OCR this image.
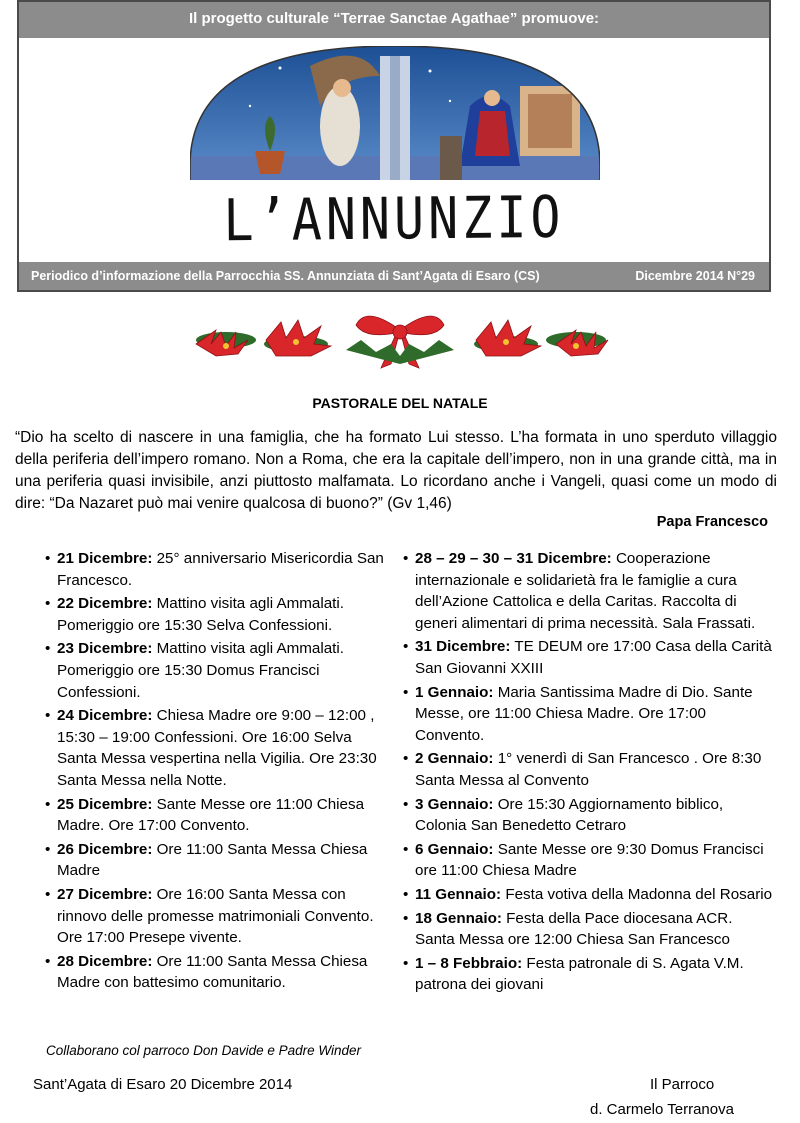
Il progetto culturale “Terrae Sanctae Agathae” promuove:
L’ANNUNZIO
Periodico d’informazione della Parrocchia SS. Annunziata di Sant’Agata di Esaro (CS)	Dicembre 2014 N°29
PASTORALE DEL NATALE
“Dio ha scelto di nascere in una famiglia, che ha formato Lui stesso. L’ha formata in uno sperduto villaggio della periferia dell’impero romano. Non a Roma, che era la capitale dell’impero, non in una grande città, ma in una periferia quasi invisibile, anzi piuttosto malfamata. Lo ricordano anche i Vangeli, quasi come un modo di dire: “Da Nazaret può mai venire qualcosa di buono?” (Gv 1,46)
Papa Francesco
• 21 Dicembre: 25° anniversario Misericordia San Francesco.
• 22 Dicembre: Mattino visita agli Ammalati. Pomeriggio ore 15:30 Selva Confessioni.
• 23 Dicembre: Mattino visita agli Ammalati. Pomeriggio ore 15:30 Domus Francisci Confessioni.
• 24 Dicembre: Chiesa Madre ore 9:00 – 12:00 , 15:30 – 19:00 Confessioni. Ore 16:00 Selva Santa Messa vespertina nella Vigilia. Ore 23:30 Santa Messa nella Notte.
• 25 Dicembre: Sante Messe ore 11:00 Chiesa Madre. Ore 17:00 Convento.
• 26 Dicembre: Ore 11:00 Santa Messa Chiesa Madre
• 27 Dicembre: Ore 16:00 Santa Messa con rinnovo delle promesse matrimoniali Convento. Ore 17:00 Presepe vivente.
• 28 Dicembre: Ore 11:00 Santa Messa Chiesa Madre con battesimo comunitario.
• 28 – 29 – 30 – 31 Dicembre: Cooperazione internazionale e solidarietà fra le famiglie a cura dell’Azione Cattolica e della Caritas. Raccolta di generi alimentari di prima necessità. Sala Frassati.
• 31 Dicembre: TE DEUM ore 17:00 Casa della Carità San Giovanni XXIII
• 1 Gennaio: Maria Santissima Madre di Dio. Sante Messe, ore 11:00 Chiesa Madre. Ore 17:00 Convento.
• 2 Gennaio: 1° venerdì di San Francesco . Ore 8:30 Santa Messa al Convento
• 3 Gennaio: Ore 15:30 Aggiornamento biblico, Colonia San Benedetto Cetraro
• 6 Gennaio: Sante Messe ore 9:30 Domus Francisci ore 11:00 Chiesa Madre
• 11 Gennaio: Festa votiva della Madonna del Rosario
• 18 Gennaio: Festa della Pace diocesana ACR. Santa Messa ore 12:00 Chiesa San Francesco
• 1 – 8 Febbraio: Festa patronale di S. Agata V.M. patrona dei giovani
Collaborano col parroco Don Davide e Padre Winder
Sant’Agata di Esaro 20 Dicembre 2014	Il Parroco
d. Carmelo Terranova
